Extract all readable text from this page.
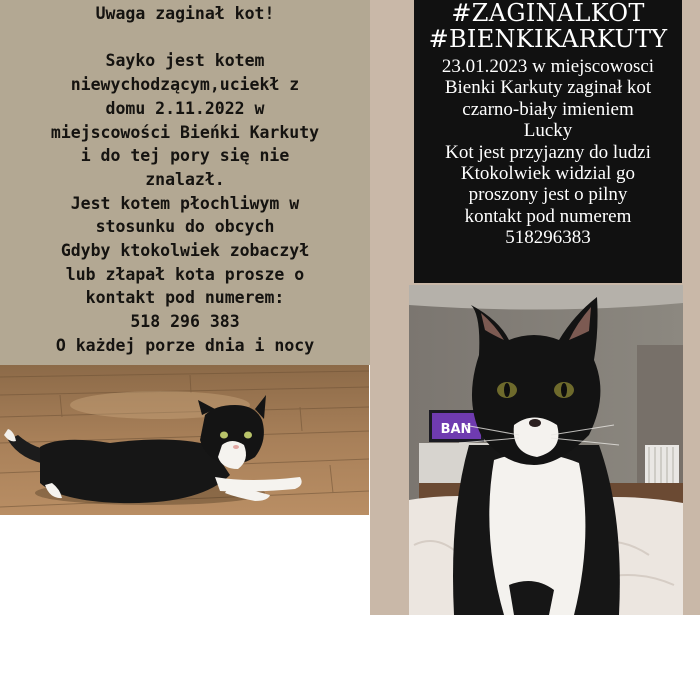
Uwaga zaginał kot!

Sayko jest kotem
niewychodzącym,uciekł z
domu 2.11.2022 w
miejscowości Bieńki Karkuty
i do tej pory się nie
znalazł.
Jest kotem płochliwym w
stosunku do obcych
Gdyby ktokolwiek zobaczył
lub złapał kota prosze o
kontakt pod numerem:
518 296 383
O każdej porze dnia i nocy
#ZAGINALKOT
#BIENKIKARKUTY
23.01.2023 w miejscowosci
Bienki Karkuty zaginał kot
czarno-biały imieniem
Lucky
Kot jest przyjazny do ludzi
Ktokolwiek widzial go
proszony jest o pilny
kontakt pod numerem
518296383
BAN
